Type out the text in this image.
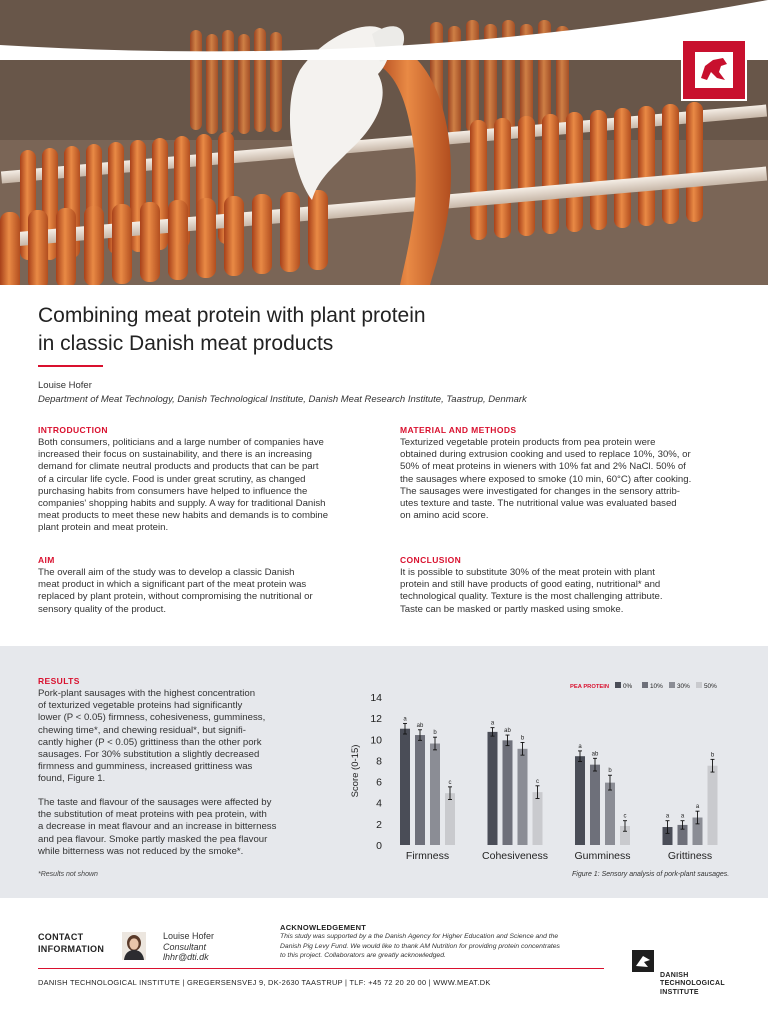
ICoMST 2021 KRAKÓW
Combining meat protein with plant protein
in classic Danish meat products
Louise Hofer
Department of Meat Technology, Danish Technological Institute, Danish Meat Research Institute, Taastrup, Denmark
INTRODUCTION

Both consumers, politicians and a large number of companies have
increased their focus on sustainability, and there is an increasing
demand for climate neutral products and products that can be part
of a circular life cycle. Food is under great scrutiny, as changed
purchasing habits from consumers have helped to influence the
companies' shopping habits and supply. A way for traditional Danish
meat products to meet these new habits and demands is to combine
plant protein and meat protein.

MATERIAL AND METHODS

Texturized vegetable protein products from pea protein were
obtained during extrusion cooking and used to replace 10%, 30%, or
50% of meat proteins in wieners with 10% fat and 2% NaCl. 50% of
the sausages where exposed to smoke (10 min, 60°C) after cooking.
The sausages were investigated for changes in the sensory attrib-
utes texture and taste. The nutritional value was evaluated based
on amino acid score.

AIM

The overall aim of the study was to develop a classic Danish
meat product in which a significant part of the meat protein was
replaced by plant protein, without compromising the nutritional or
sensory quality of the product.

CONCLUSION

It is possible to substitute 30% of the meat protein with plant
protein and still have products of good eating, nutritional* and
technological quality. Texture is the most challenging attribute.
Taste can be masked or partly masked using smoke.

RESULTS

Pork-plant sausages with the highest concentration
of texturized vegetable proteins had significantly
lower (P < 0.05) firmness, cohesiveness, gumminess,
chewing time*, and chewing residual*, but signifi-
cantly higher (P < 0.05) grittiness than the other pork
sausages. For 30% substitution a slightly decreased
firmness and gumminess, increased grittiness was
found, Figure 1.

The taste and flavour of the sausages were affected by
the substitution of meat proteins with pea protein, with
a decrease in meat flavour and an increase in bitterness
and pea flavour. Smoke partly masked the pea flavour
while bitterness was not reduced by the smoke*.

*Results not shown
0
2
4
6
8
10
12
14
Score (0-15)
PEA PROTEIN 0%	10% 30% 50%
a
ab
b
c
Firmness
a
ab
b
c
Cohesiveness
a
ab
b
c
Gumminess
a a
a
b
Grittiness
Figure 1: Sensory analysis of pork-plant sausages.
CONTACT
INFORMATION
Louise Hofer
Consultant
lhhr@dti.dk
ACKNOWLEDGEMENT

This study was supported by a the Danish Agency for Higher Education and Science and the
Danish Pig Levy Fund. We would like to thank AM Nutrition for providing protein concentrates
to this project. Collaborators are greatly acknowledged.

DANISH TECHNOLOGICAL INSTITUTE | GREGERSENSVEJ 9, DK-2630 TAASTRUP | TLF: +45 72 20 20 00 | WWW.MEAT.DK
DANISH
TECHNOLOGICAL
INSTITUTE
